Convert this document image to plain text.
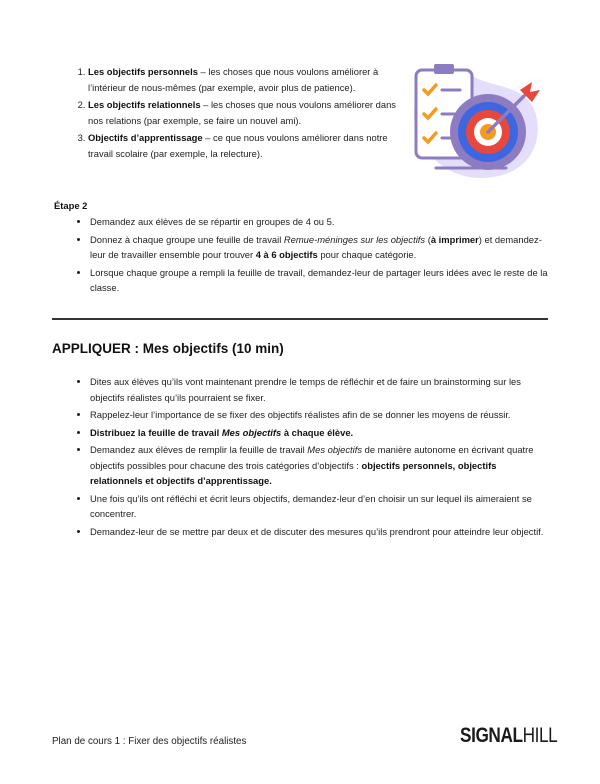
1. Les objectifs personnels – les choses que nous voulons améliorer à l’intérieur de nous-mêmes (par exemple, avoir plus de patience).
2. Les objectifs relationnels – les choses que nous voulons améliorer dans nos relations (par exemple, se faire un nouvel ami).
3. Objectifs d’apprentissage – ce que nous voulons améliorer dans notre travail scolaire (par exemple, la relecture).
Étape 2
• Demandez aux élèves de se répartir en groupes de 4 ou 5.
• Donnez à chaque groupe une feuille de travail Remue-méninges sur les objectifs (à imprimer) et demandez-leur de travailler ensemble pour trouver 4 à 6 objectifs pour chaque catégorie.
• Lorsque chaque groupe a rempli la feuille de travail, demandez-leur de partager leurs idées avec le reste de la classe.
APPLIQUER : Mes objectifs (10 min)
• Dites aux élèves qu’ils vont maintenant prendre le temps de réfléchir et de faire un brainstorming sur les objectifs réalistes qu’ils pourraient se fixer.
• Rappelez-leur l’importance de se fixer des objectifs réalistes afin de se donner les moyens de réussir.
• Distribuez la feuille de travail Mes objectifs à chaque élève.
• Demandez aux élèves de remplir la feuille de travail Mes objectifs de manière autonome en écrivant quatre objectifs possibles pour chacune des trois catégories d’objectifs : objectifs personnels, objectifs relationnels et objectifs d’apprentissage.
• Une fois qu’ils ont réfléchi et écrit leurs objectifs, demandez-leur d’en choisir un sur lequel ils aimeraient se concentrer.
• Demandez-leur de se mettre par deux et de discuter des mesures qu’ils prendront pour atteindre leur objectif.
Plan de cours 1 : Fixer des objectifs réalistes	SIGNALHILL
